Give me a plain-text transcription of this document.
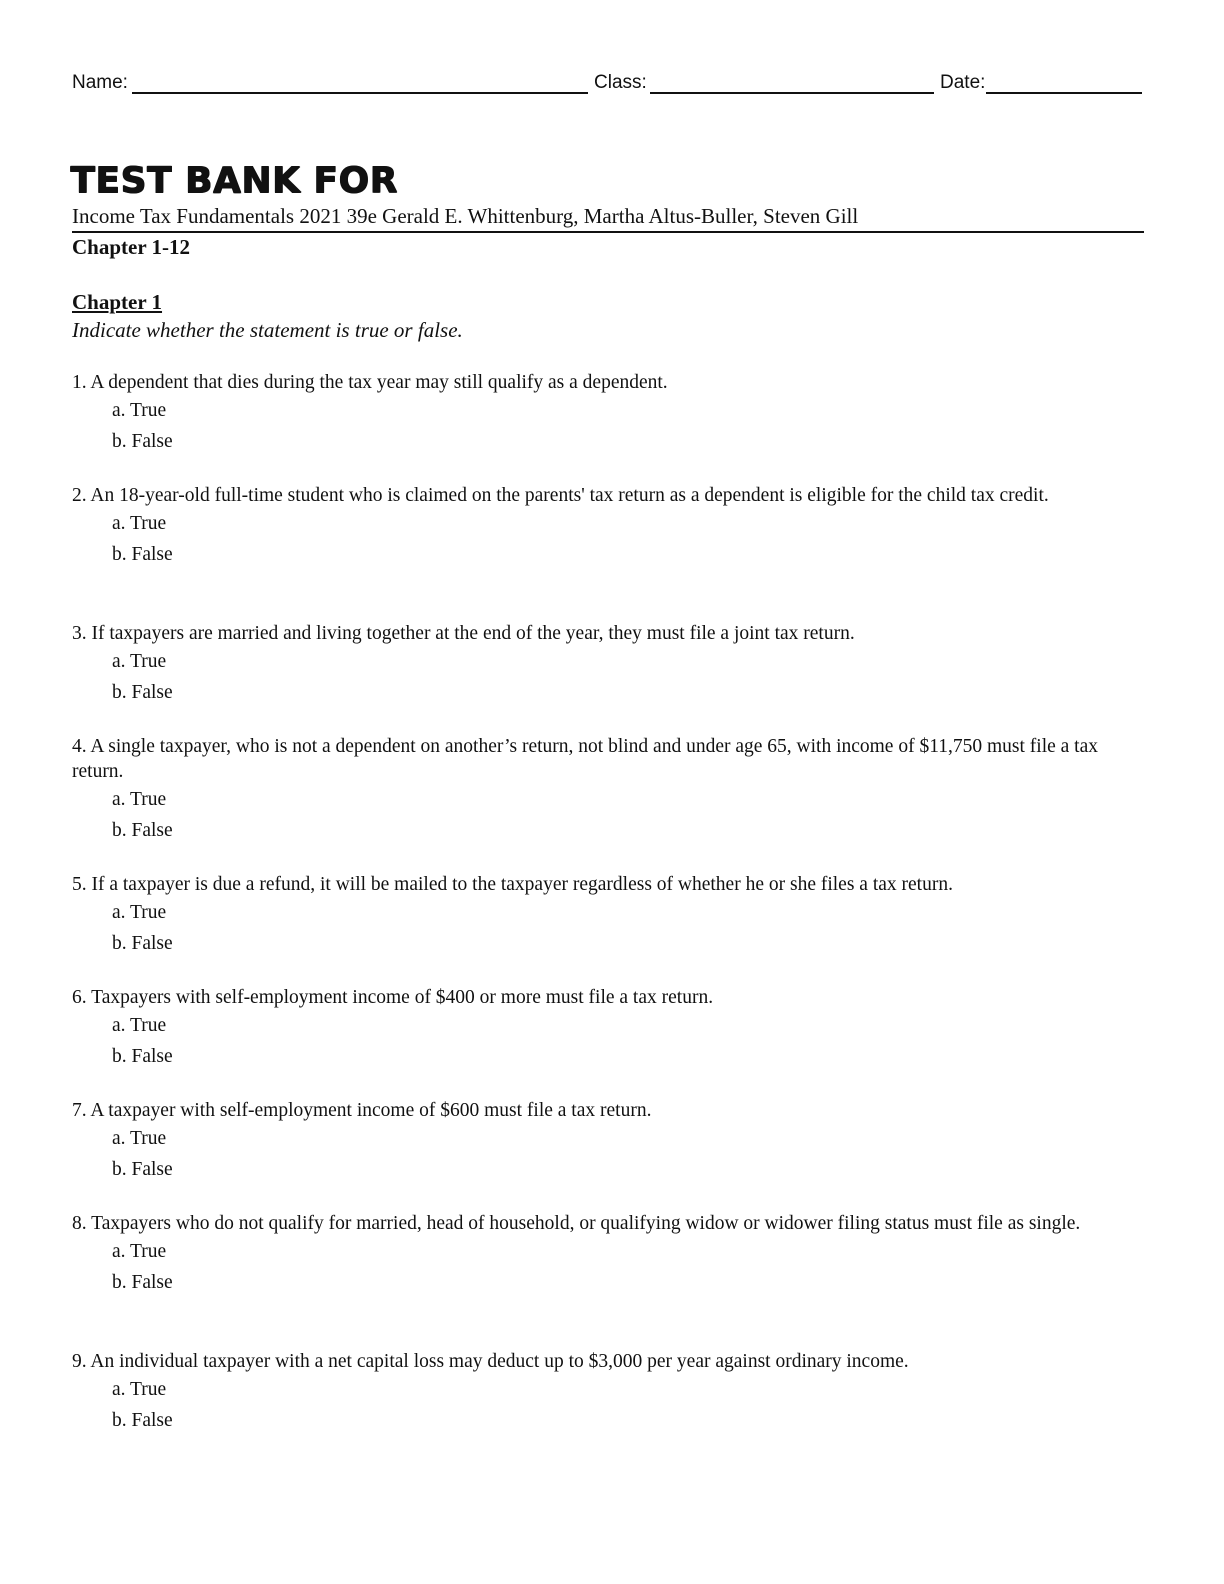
Name:	Class:	Date:
TEST BANK FOR
Income Tax Fundamentals 2021 39e Gerald E. Whittenburg, Martha Altus-Buller, Steven Gill
Chapter 1-12
Chapter 1
Indicate whether the statement is true or false.
1. A dependent that dies during the tax year may still qualify as a dependent.
a. True
b. False
2. An 18-year-old full-time student who is claimed on the parents' tax return as a dependent is eligible for the child tax credit.
a. True
b. False
3. If taxpayers are married and living together at the end of the year, they must file a joint tax return.
a. True
b. False
4. A single taxpayer, who is not a dependent on another’s return, not blind and under age 65, with income of $11,750 must file a tax return.
a. True
b. False
5. If a taxpayer is due a refund, it will be mailed to the taxpayer regardless of whether he or she files a tax return.
a. True
b. False
6. Taxpayers with self-employment income of $400 or more must file a tax return.
a. True
b. False
7. A taxpayer with self-employment income of $600 must file a tax return.
a. True
b. False
8. Taxpayers who do not qualify for married, head of household, or qualifying widow or widower filing status must file as single.
a. True
b. False
9. An individual taxpayer with a net capital loss may deduct up to $3,000 per year against ordinary income.
a. True
b. False
